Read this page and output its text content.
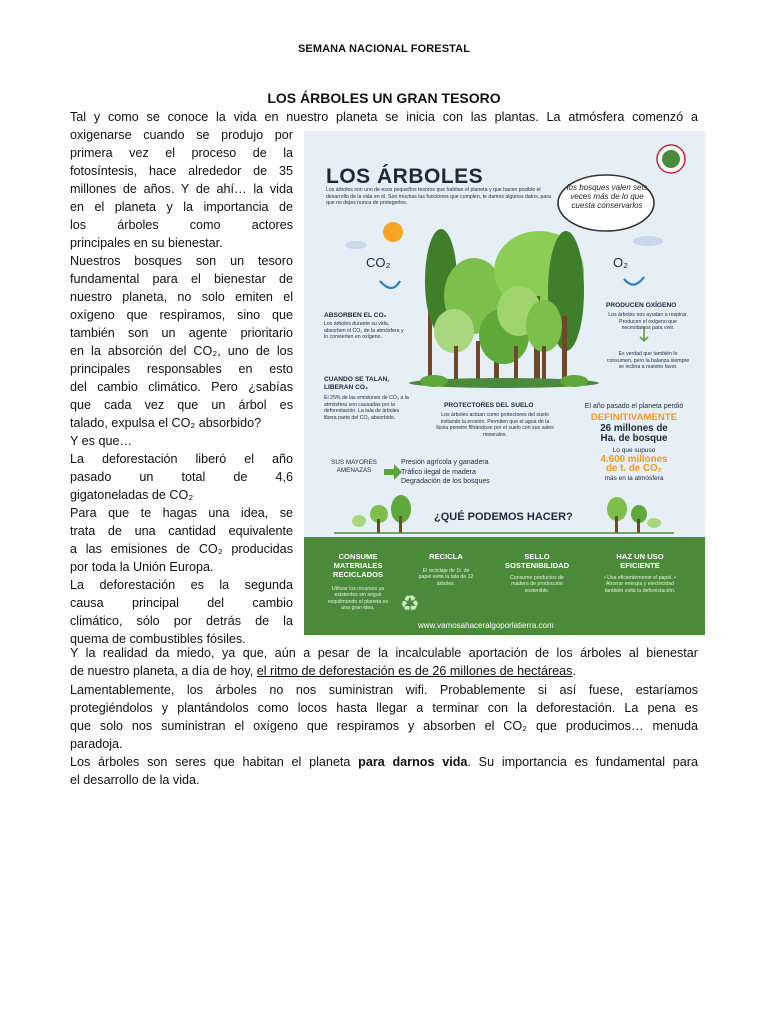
SEMANA NACIONAL FORESTAL
LOS ÁRBOLES UN GRAN TESORO
Tal y como se conoce la vida en nuestro planeta se inicia con las plantas. La atmósfera comenzó a
oxigenarse cuando se produjo por
primera vez el proceso de la
fotosíntesis, hace alrededor de 35
millones de años. Y de ahí… la vida
en el planeta y la importancia de
los árboles como actores
principales en su bienestar.
Nuestros bosques son un tesoro
fundamental para el bienestar de
nuestro planeta, no solo emiten el
oxígeno que respiramos, sino que
también son un agente prioritario
en la absorción del CO₂, uno de los
principales responsables en esto
del cambio climático. Pero ¿sabías
que cada vez que un árbol es
talado, expulsa el CO₂ absorbido?
Y es que…
La deforestación liberó el año
pasado un total de 4,6
gigatoneladas de CO₂
Para que te hagas una idea, se
trata de una cantidad equivalente
a las emisiones de CO₂ producidas
por toda la Unión Europa.
La deforestación es la segunda
causa principal del cambio
climático, sólo por detrás de la
quema de combustibles fósiles.
LOS ÁRBOLES
Los árboles son uno de esos pequeños tesoros que habitan el planeta y que hacen posible el desarrollo de la vida en él. Son muchas las funciones que cumplen, te damos algunos datos, para que no dejes nunca de protegerlos.
los bosques valen seis veces más de lo que cuesta conservarlos
CO₂	O₂
ABSORBEN EL CO₂
Los árboles durante su vida, absorben el CO₂ de la atmósfera y lo convierten en oxígeno.
PRODUCEN OXÍGENO
Los árboles nos ayudan a respirar. Producen el oxígeno que necesitamos para vivir.
Es verdad que también lo consumen, pero la balanza siempre se inclina a nuestro favor.
CUANDO SE TALAN, LIBERAN CO₂
El 25% de las emisiones de CO₂ a la atmósfera son causadas por la deforestación. La tala de árboles libera parte del CO₂ absorbido.
PROTECTORES DEL SUELO
Los árboles actúan como protectores del suelo evitando la erosión. Permiten que el agua de la lluvia penetre filtrándose por el suelo con sus sales minerales.
El año pasado el planeta perdió
DEFINITIVAMENTE
26 millones de
Ha. de bosque
Lo que supuso
4.600 millones
de t. de CO₂
más en la atmósfera
SUS MAYORES AMENAZAS
Presión agrícola y ganadera
Tráfico ilegal de madera
Degradación de los bosques
¿QUÉ PODEMOS HACER?
CONSUME MATERIALES RECICLADOS
Utilizar los recursos ya existentes sin seguir esquilmando el planeta es una gran idea.
RECICLA
El reciclaje de 1t. de papel evita la tala de 12 árboles.
♻
SELLO SOSTENIBILIDAD
Consume productos de madera de producción sostenible.
HAZ UN USO EFICIENTE
• Usa eficientemente el papel. • Ahorrar energía y electricidad también evita la deforestación.
www.vamosahaceralgoporlatierra.com
Y la realidad da miedo, ya que, aún a pesar de la incalculable aportación de los árboles al bienestar
de nuestro planeta, a día de hoy, el ritmo de deforestación es de 26 millones de hectáreas.
Lamentablemente, los árboles no nos suministran wifi. Probablemente si así fuese, estaríamos
protegiéndolos y plantándolos como locos hasta llegar a terminar con la deforestación. La pena es
que solo nos suministran el oxígeno que respiramos y absorben el CO₂ que producimos… menuda
paradoja.
Los árboles son seres que habitan el planeta para darnos vida. Su importancia es fundamental para
el desarrollo de la vida.
